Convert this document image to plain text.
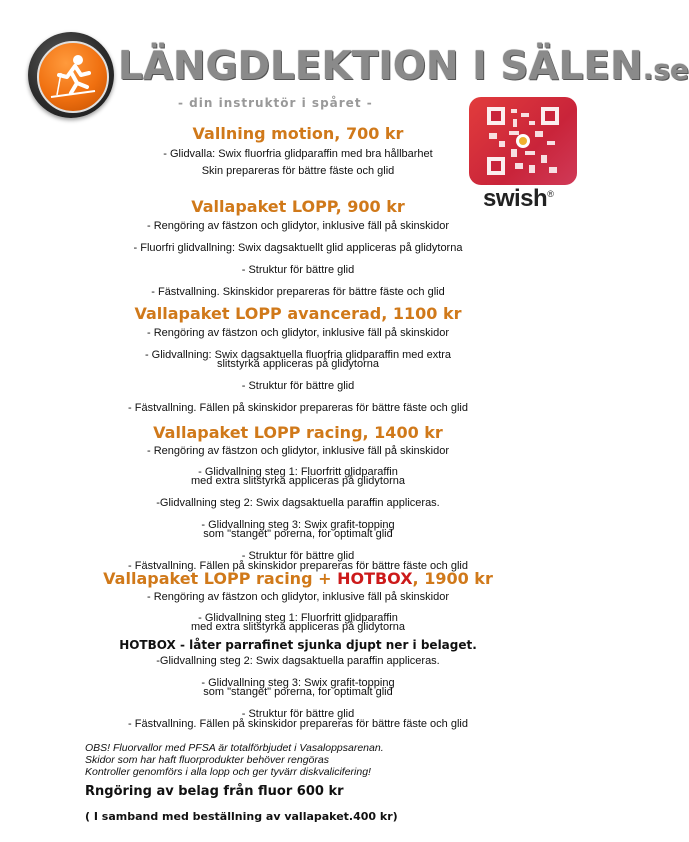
LÄNGDLEKTION I SÄLEN.se
- din instruktör i spåret -
swish®
Vallning motion, 700 kr
- Glidvalla: Swix fluorfria glidparaffin med bra hållbarhet
Skin prepareras för bättre fäste och glid
Vallapaket LOPP, 900 kr
- Rengöring av fästzon och glidytor, inklusive fäll på skinskidor
- Fluorfri glidvallning: Swix dagsaktuellt glid appliceras på glidytorna
- Struktur för bättre glid
- Fästvallning. Skinskidor prepareras för bättre fäste och glid
Vallapaket LOPP avancerad, 1100 kr
- Rengöring av fästzon och glidytor, inklusive fäll på skinskidor
- Glidvallning: Swix dagsaktuella fluorfria glidparaffin med extra
slitstyrka appliceras på glidytorna
- Struktur för bättre glid
- Fästvallning. Fällen på skinskidor prepareras för bättre fäste och glid
Vallapaket LOPP racing, 1400 kr
- Rengöring av fästzon och glidytor, inklusive fäll på skinskidor
- Glidvallning steg 1: Fluorfritt glidparaffin
med extra slitstyrka appliceras på glidytorna
-Glidvallning steg 2: Swix dagsaktuella paraffin appliceras.
- Glidvallning steg 3: Swix grafit-topping
som "stanget" porerna, for optimalt glid
- Struktur för bättre glid
- Fästvallning. Fällen på skinskidor prepareras för bättre fäste och glid
Vallapaket LOPP racing + HOTBOX, 1900 kr
- Rengöring av fästzon och glidytor, inklusive fäll på skinskidor
- Glidvallning steg 1: Fluorfritt glidparaffin
med extra slitstyrka appliceras på glidytorna
HOTBOX - låter parrafinet sjunka djupt ner i belaget.
-Glidvallning steg 2: Swix dagsaktuella paraffin appliceras.
- Glidvallning steg 3: Swix grafit-topping
som "stanget" porerna, for optimalt glid
- Struktur för bättre glid
- Fästvallning. Fällen på skinskidor prepareras för bättre fäste och glid
OBS! Fluorvallor med PFSA är totalförbjudet i Vasaloppsarenan.
Skidor som har haft fluorprodukter behöver rengöras
Kontroller genomförs i alla lopp och ger tyvärr diskvalicifering!
Rngöring av belag från fluor 600 kr
( I samband med beställning av vallapaket.400 kr)
